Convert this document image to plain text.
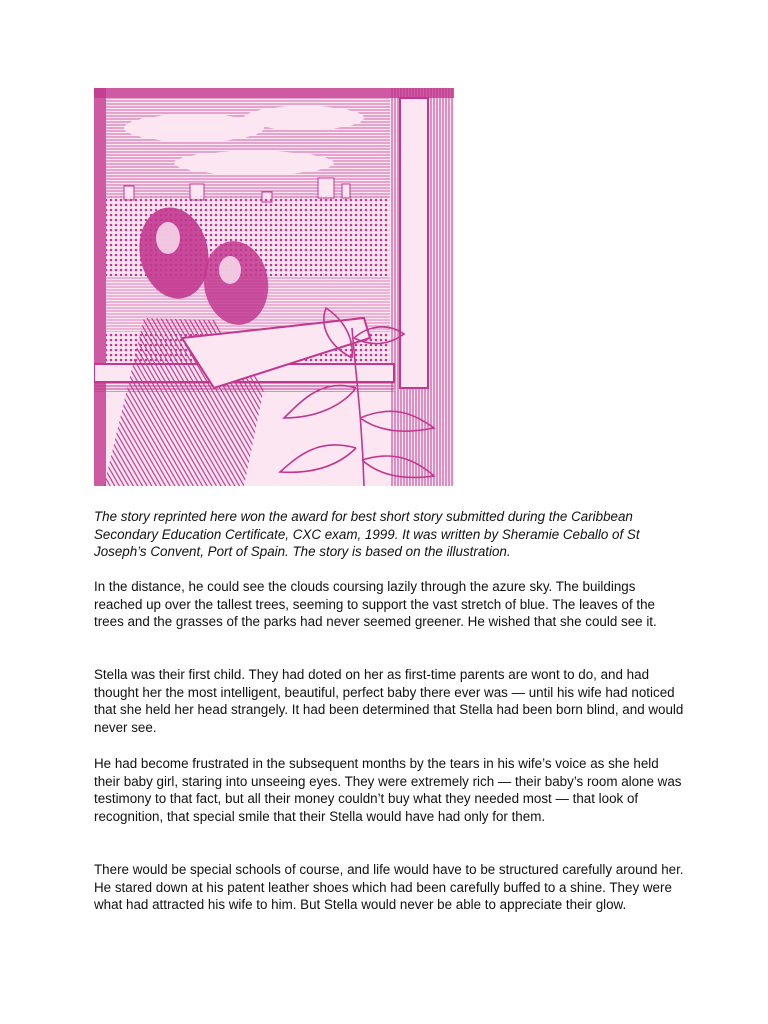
The story reprinted here won the award for best short story submitted during the Caribbean Secondary Education Certificate, CXC exam, 1999. It was written by Sheramie Ceballo of St Joseph’s Convent, Port of Spain. The story is based on the illustration.
In the distance, he could see the clouds coursing lazily through the azure sky. The buildings reached up over the tallest trees, seeming to support the vast stretch of blue. The leaves of the trees and the grasses of the parks had never seemed greener. He wished that she could see it.
Stella was their first child. They had doted on her as first-time parents are wont to do, and had thought her the most intelligent, beautiful, perfect baby there ever was — until his wife had noticed that she held her head strangely. It had been determined that Stella had been born blind, and would never see.
He had become frustrated in the subsequent months by the tears in his wife’s voice as she held their baby girl, staring into unseeing eyes. They were extremely rich — their baby’s room alone was testimony to that fact, but all their money couldn’t buy what they needed most — that look of recognition, that special smile that their Stella would have had only for them.
There would be special schools of course, and life would have to be structured carefully around her. He stared down at his patent leather shoes which had been carefully buffed to a shine. They were what had attracted his wife to him. But Stella would never be able to appreciate their glow.
